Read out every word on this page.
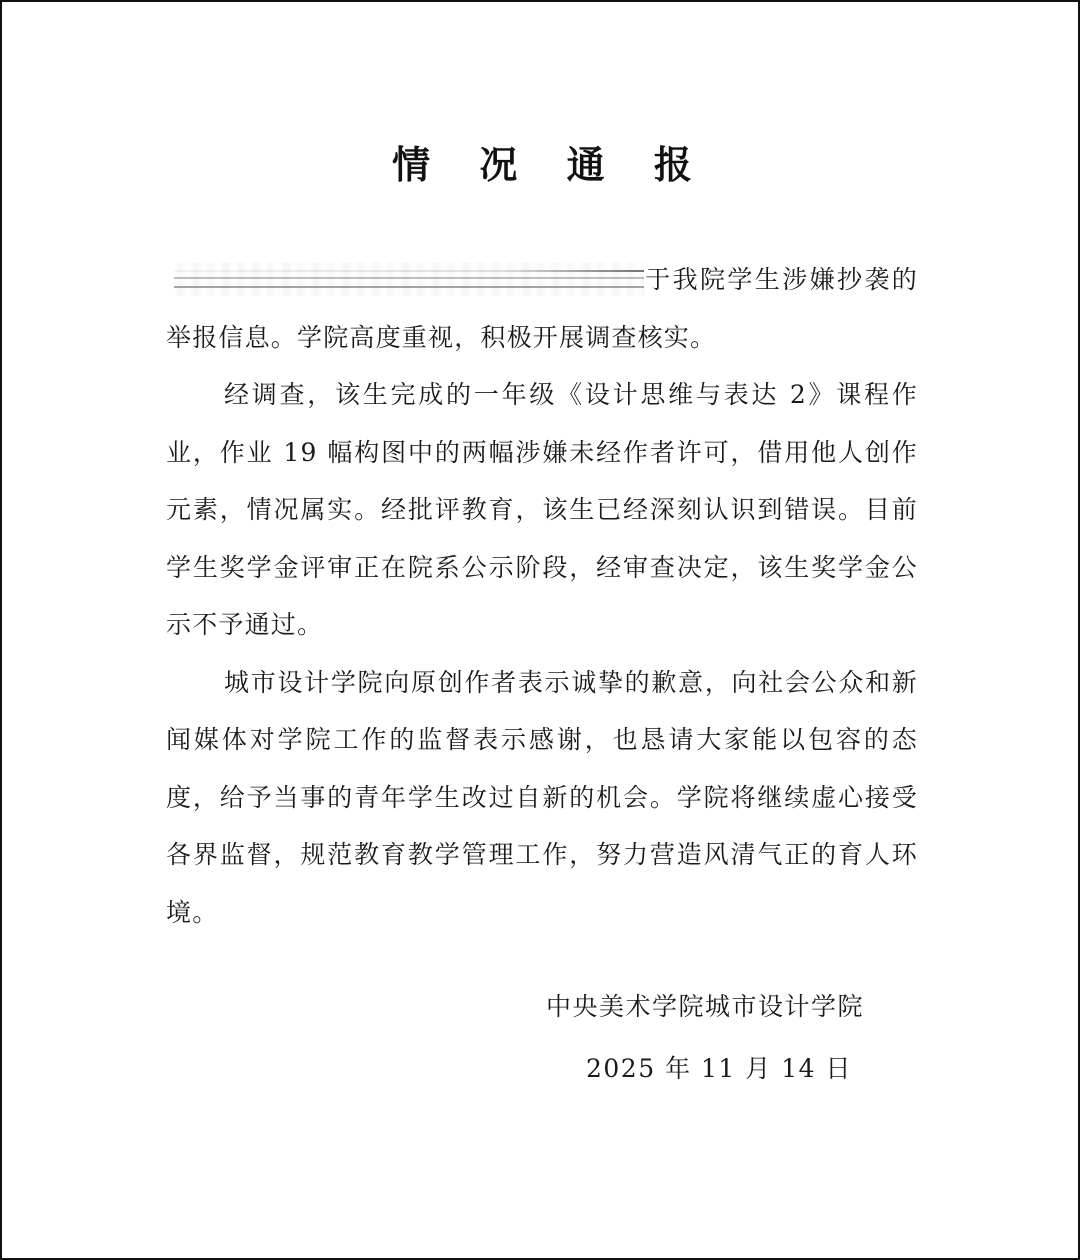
情 况 通 报

于我院学生涉嫌抄袭的举报信息。学院高度重视，积极开展调查核实。

经调查，该生完成的一年级《设计思维与表达 2》课程作业，作业 19 幅构图中的两幅涉嫌未经作者许可，借用他人创作元素，情况属实。经批评教育，该生已经深刻认识到错误。目前学生奖学金评审正在院系公示阶段，经审查决定，该生奖学金公示不予通过。

城市设计学院向原创作者表示诚挚的歉意，向社会公众和新闻媒体对学院工作的监督表示感谢，也恳请大家能以包容的态度，给予当事的青年学生改过自新的机会。学院将继续虚心接受各界监督，规范教育教学管理工作，努力营造风清气正的育人环境。

中央美术学院城市设计学院
2025 年 11 月 14 日
